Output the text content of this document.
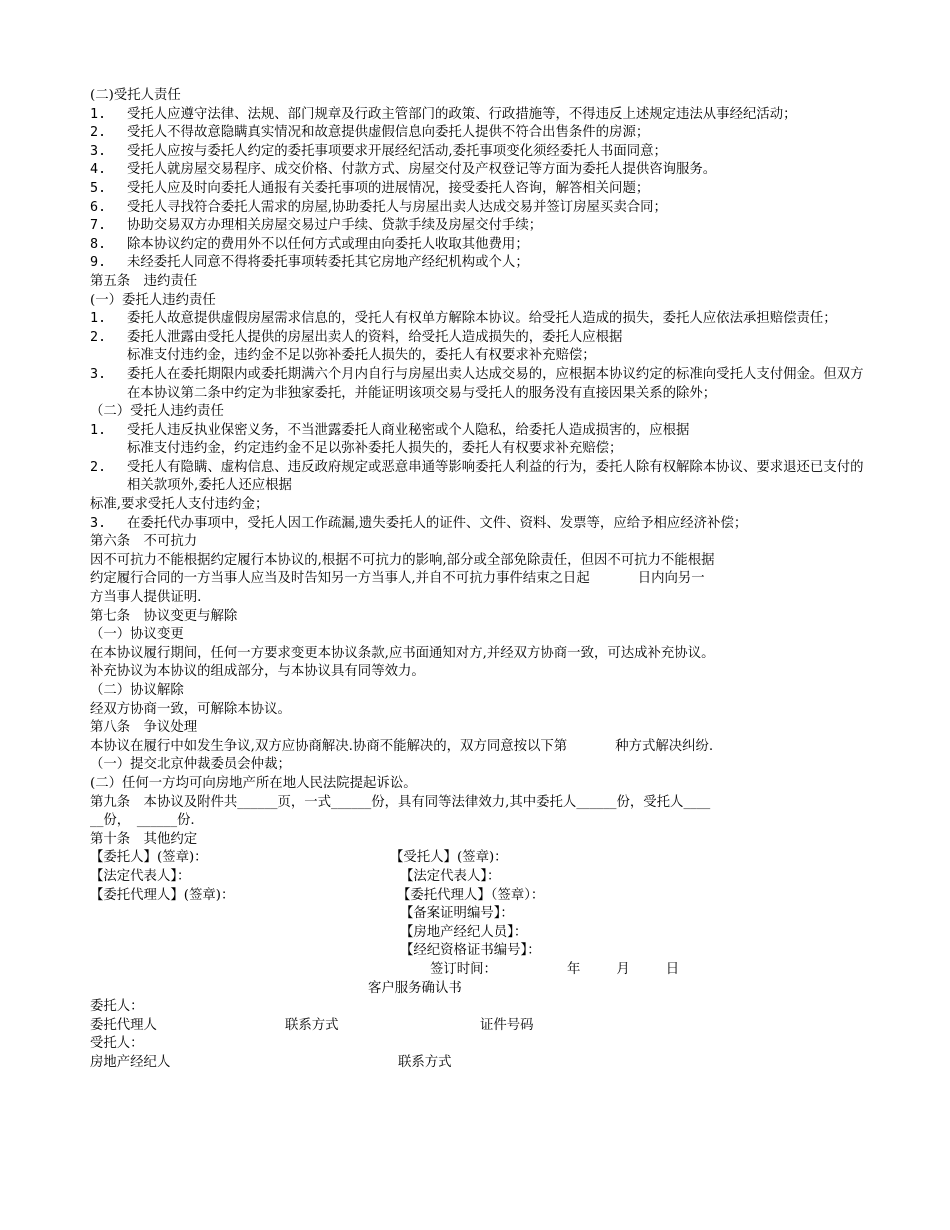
(二)受托人责任
1.	受托人应遵守法律、法规、部门规章及行政主管部门的政策、行政措施等，不得违反上述规定违法从事经纪活动；
2.	受托人不得故意隐瞒真实情况和故意提供虚假信息向委托人提供不符合出售条件的房源；
3.	受托人应按与委托人约定的委托事项要求开展经纪活动,委托事项变化须经委托人书面同意；
4.	受托人就房屋交易程序、成交价格、付款方式、房屋交付及产权登记等方面为委托人提供咨询服务。
5.	受托人应及时向委托人通报有关委托事项的进展情况，接受委托人咨询，解答相关问题；
6.	受托人寻找符合委托人需求的房屋,协助委托人与房屋出卖人达成交易并签订房屋买卖合同；
7.	协助交易双方办理相关房屋交易过户手续、贷款手续及房屋交付手续；
8.	除本协议约定的费用外不以任何方式或理由向委托人收取其他费用；
9.	未经委托人同意不得将委托事项转委托其它房地产经纪机构或个人；
第五条　违约责任
(一）委托人违约责任
1.	委托人故意提供虚假房屋需求信息的，受托人有权单方解除本协议。给受托人造成的损失，委托人应依法承担赔偿责任；
2.	委托人泄露由受托人提供的房屋出卖人的资料，给受托人造成损失的，委托人应根据
标准支付违约金，违约金不足以弥补委托人损失的，委托人有权要求补充赔偿；
3.	委托人在委托期限内或委托期满六个月内自行与房屋出卖人达成交易的，应根据本协议约定的标准向受托人支付佣金。但双方在本协议第二条中约定为非独家委托，并能证明该项交易与受托人的服务没有直接因果关系的除外；
（二）受托人违约责任
1.	受托人违反执业保密义务，不当泄露委托人商业秘密或个人隐私，给委托人造成损害的，应根据
标准支付违约金，约定违约金不足以弥补委托人损失的，委托人有权要求补充赔偿；
2.	受托人有隐瞒、虚构信息、违反政府规定或恶意串通等影响委托人利益的行为，委托人除有权解除本协议、要求退还已支付的相关款项外,委托人还应根据
标准,要求受托人支付违约金；
3.	在委托代办事项中，受托人因工作疏漏,遗失委托人的证件、文件、资料、发票等，应给予相应经济补偿；
第六条　不可抗力
因不可抗力不能根据约定履行本协议的,根据不可抗力的影响,部分或全部免除责任，但因不可抗力不能根据
约定履行合同的一方当事人应当及时告知另一方当事人,并自不可抗力事件结束之日起	日内向另一
方当事人提供证明.
第七条　协议变更与解除
（一）协议变更
在本协议履行期间，任何一方要求变更本协议条款,应书面通知对方,并经双方协商一致，可达成补充协议。
补充协议为本协议的组成部分，与本协议具有同等效力。
（二）协议解除
经双方协商一致，可解除本协议。
第八条　争议处理
本协议在履行中如发生争议,双方应协商解决.协商不能解决的，双方同意按以下第	种方式解决纠纷.
（一）提交北京仲裁委员会仲裁；
(二）任何一方均可向房地产所在地人民法院提起诉讼。
第九条　本协议及附件共______页，一式______份，具有同等法律效力,其中委托人______份，受托人____
__份，　______份.
第十条　其他约定
【委托人】(签章)：	【受托人】(签章)：
【法定代表人】：	【法定代表人】：
【委托代理人】(签章)：	【委托代理人】（签章）：
【备案证明编号】：
【房地产经纪人员】：
【经纪资格证书编号】：
签订时间：	年	月	日
客户服务确认书
委托人：
委托代理人	联系方式	证件号码
受托人：
房地产经纪人	联系方式
